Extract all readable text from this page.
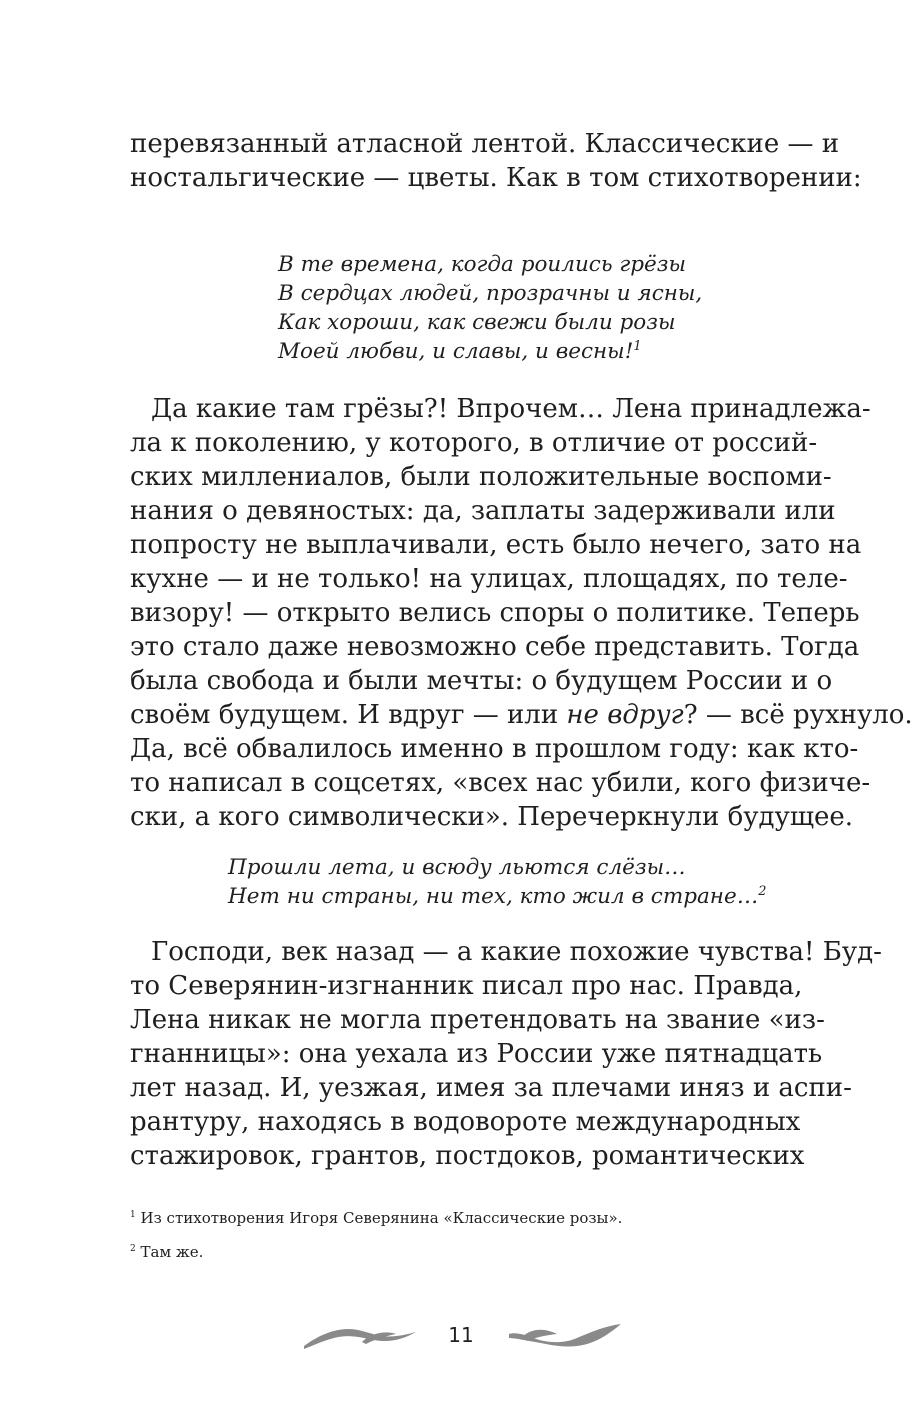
перевязанный атласной лентой. Классические — и
ностальгические — цветы. Как в том стихотворении:
В те времена, когда роились грёзы
В сердцах людей, прозрачны и ясны,
Как хороши, как свежи были розы
Моей любви, и славы, и весны!$^1$
Да какие там грёзы?! Впрочем… Лена принадлежа-
ла к поколению, у которого, в отличие от россий-
ских миллениалов, были положительные воспоми-
нания о девяностых: да, заплаты задерживали или
попросту не выплачивали, есть было нечего, зато на
кухне — и не только! на улицах, площадях, по теле-
визору! — открыто велись споры о политике. Теперь
это стало даже невозможно себе представить. Тогда
была свобода и были мечты: о будущем России и о
своём будущем. И вдруг — или не вдруг? — всё рухнуло.
Да, всё обвалилось именно в прошлом году: как кто-
то написал в соцсетях, «всех нас убили, кого физиче-
ски, а кого символически». Перечеркнули будущее.
Прошли лета, и всюду льются слёзы…
Нет ни страны, ни тех, кто жил в стране…$^2$
Господи, век назад — а какие похожие чувства! Буд-
то Северянин-изгнанник писал про нас. Правда,
Лена никак не могла претендовать на звание «из-
гнанницы»: она уехала из России уже пятнадцать
лет назад. И, уезжая, имея за плечами иняз и аспи-
рантуру, находясь в водовороте международных
стажировок, грантов, постдоков, романтических
$^1$ Из стихотворения Игоря Северянина «Классические розы».
$^2$ Там же.
11
